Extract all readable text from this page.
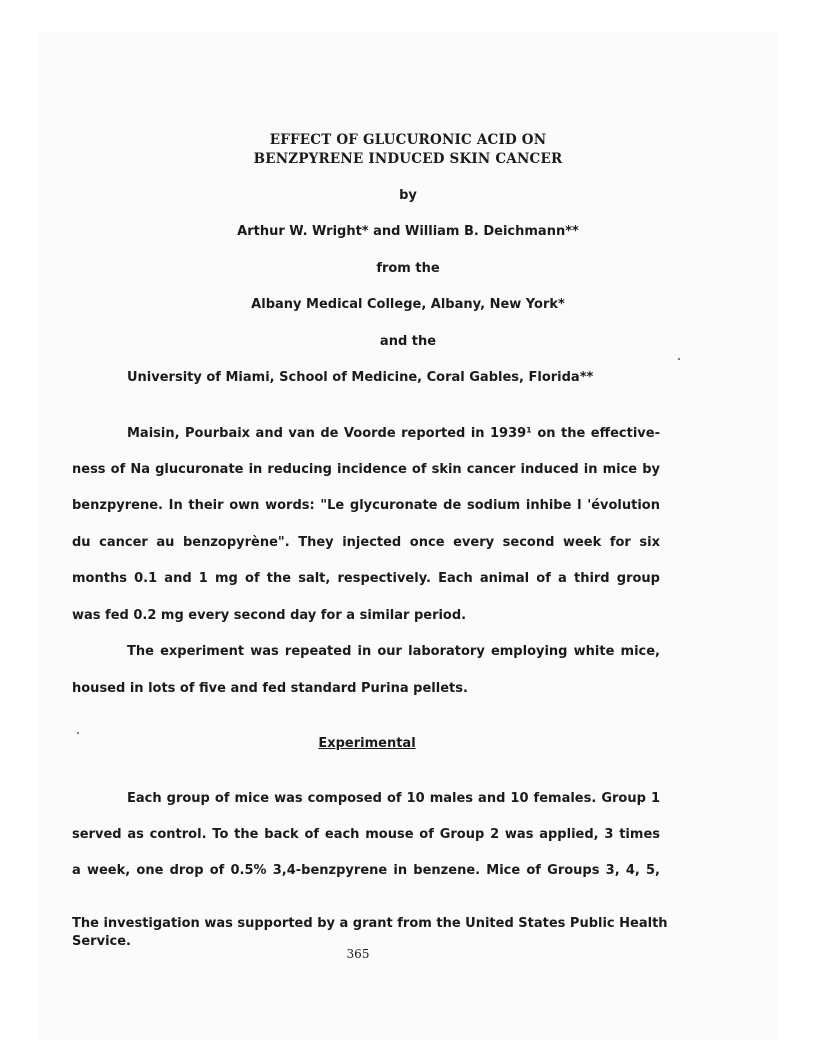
EFFECT OF GLUCURONIC ACID ON
BENZPYRENE INDUCED SKIN CANCER
by
Arthur W. Wright* and William B. Deichmann**
from the
Albany Medical College, Albany, New York*
and the
University of Miami, School of Medicine, Coral Gables, Florida**
Maisin, Pourbaix and van de Voorde reported in 1939¹ on the effective-
ness of Na glucuronate in reducing incidence of skin cancer induced in mice by
benzpyrene. In their own words: "Le glycuronate de sodium inhibe l 'évolution
du cancer au benzopyrène". They injected once every second week for six
months 0.1 and 1 mg of the salt, respectively. Each animal of a third group
was fed 0.2 mg every second day for a similar period.
The experiment was repeated in our laboratory employing white mice,
housed in lots of five and fed standard Purina pellets.
Experimental
Each group of mice was composed of 10 males and 10 females. Group 1
served as control. To the back of each mouse of Group 2 was applied, 3 times
a week, one drop of 0.5% 3,4-benzpyrene in benzene. Mice of Groups 3, 4, 5,
The investigation was supported by a grant from the United States Public Health
Service.
365
